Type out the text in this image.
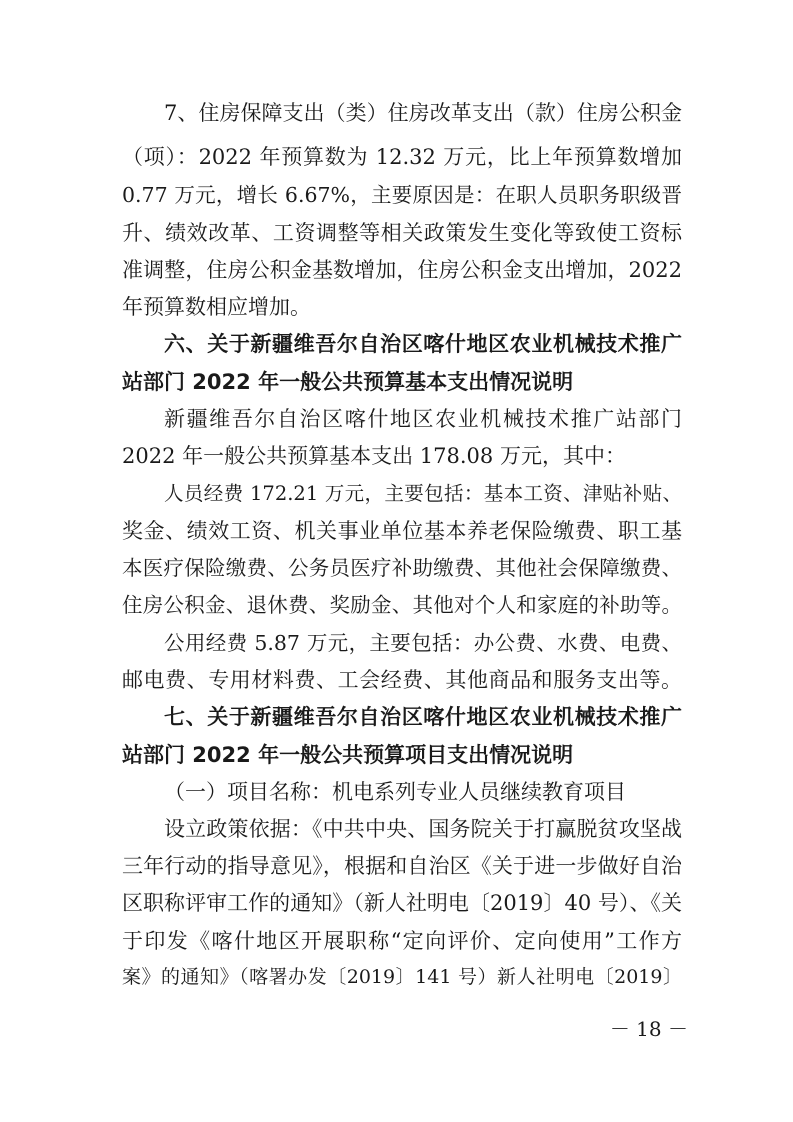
7、住房保障支出（类）住房改革支出（款）住房公积金
（项）：2022 年预算数为 12.32 万元，比上年预算数增加
0.77 万元，增长 6.67%，主要原因是：在职人员职务职级晋
升、绩效改革、工资调整等相关政策发生变化等致使工资标
准调整，住房公积金基数增加，住房公积金支出增加，2022
年预算数相应增加。
六、关于新疆维吾尔自治区喀什地区农业机械技术推广
站部门 2022 年一般公共预算基本支出情况说明
新疆维吾尔自治区喀什地区农业机械技术推广站部门
2022 年一般公共预算基本支出 178.08 万元，其中：
人员经费 172.21 万元，主要包括：基本工资、津贴补贴、
奖金、绩效工资、机关事业单位基本养老保险缴费、职工基
本医疗保险缴费、公务员医疗补助缴费、其他社会保障缴费、
住房公积金、退休费、奖励金、其他对个人和家庭的补助等。
公用经费 5.87 万元，主要包括：办公费、水费、电费、
邮电费、专用材料费、工会经费、其他商品和服务支出等。
七、关于新疆维吾尔自治区喀什地区农业机械技术推广
站部门 2022 年一般公共预算项目支出情况说明
（一）项目名称：机电系列专业人员继续教育项目
设立政策依据：《中共中央、国务院关于打赢脱贫攻坚战
三年行动的指导意见》，根据和自治区《关于进一步做好自治
区职称评审工作的通知》（新人社明电〔2019〕40 号）、《关
于印发《喀什地区开展职称“定向评价、定向使用”工作方
案》的通知》（喀署办发〔2019〕141 号）新人社明电〔2019〕
－ 18 －
